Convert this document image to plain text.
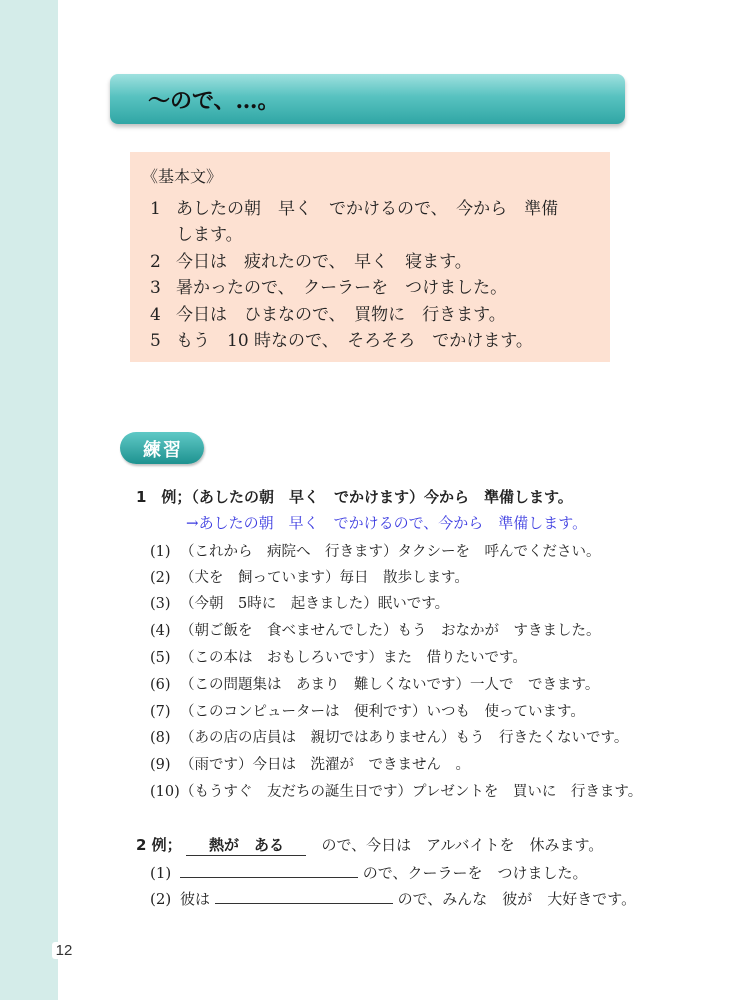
12
～ので、…。
《基本文》
1 あしたの朝　早く　でかけるので、　今から　準備
します。
2 今日は　疲れたので、　早く　寝ます。
3 暑かったので、　クーラーを　つけました。
4 今日は　ひまなので、　買物に　行きます。
5 もう　10 時なので、　そろそろ　でかけます。
練習
1　例；（あしたの朝　早く　でかけます）今から　準備します。
→あしたの朝　早く　でかけるので、今から　準備します。
(1) （これから　病院へ　行きます）タクシーを　呼んでください。
(2) （犬を　飼っています）毎日　散歩します。
(3) （今朝　5時に　起きました）眠いです。
(4) （朝ご飯を　食べませんでした）もう　おなかが　すきました。
(5) （この本は　おもしろいです）また　借りたいです。
(6) （この問題集は　あまり　難しくないです）一人で　できます。
(7) （このコンピューターは　便利です）いつも　使っています。
(8) （あの店の店員は　親切ではありません）もう　行きたくないです。
(9) （雨です）今日は　洗濯が　できません　。
(10)（もうすぐ　友だちの誕生日です）プレゼントを　買いに　行きます。
2 例； 熱が　ある　ので、今日は　アルバイトを　休みます。
(1)	ので、クーラーを　つけました。
(2) 彼は	ので、みんな　彼が　大好きです。
